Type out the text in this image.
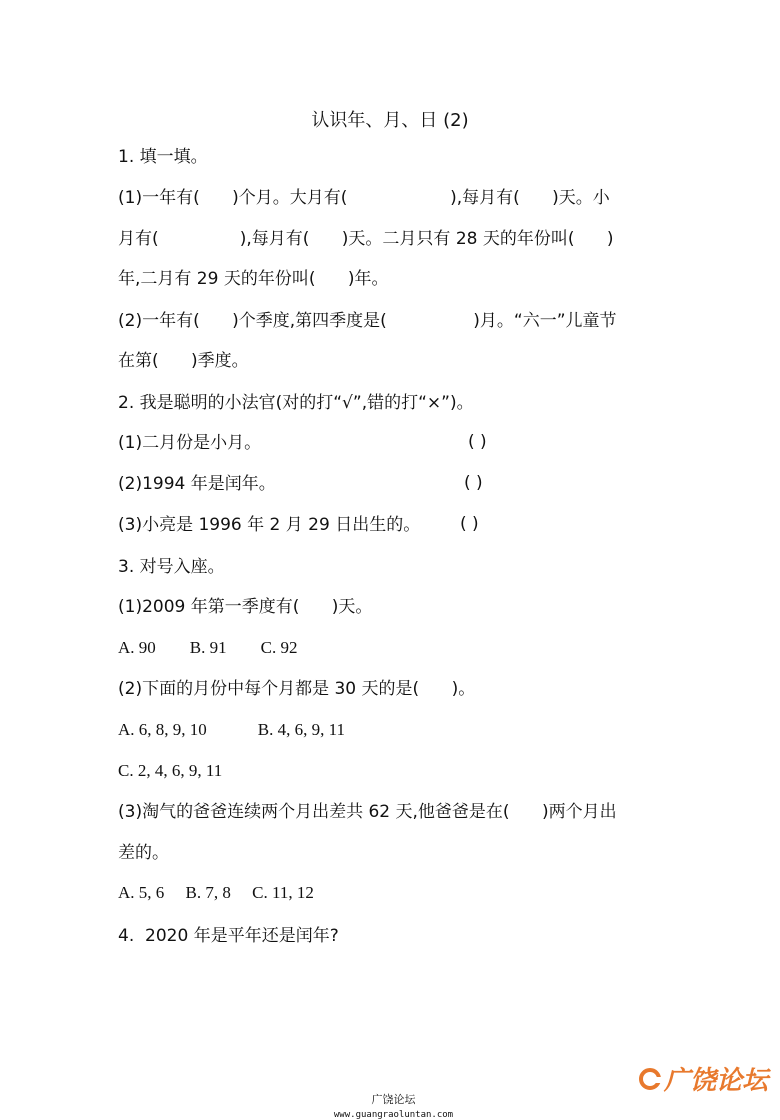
认识年、月、日 (2)
1. 填一填。
(1)一年有(      )个月。大月有(                   ),每月有(      )天。小
月有(               ),每月有(      )天。二月只有 28 天的年份叫(      )
年,二月有 29 天的年份叫(      )年。
(2)一年有(      )个季度,第四季度是(                )月。“六一”儿童节
在第(      )季度。
2. 我是聪明的小法官(对的打“√”,错的打“×”)。
(1)二月份是小月。	( )
(2)1994 年是闰年。	( )
(3)小亮是 1996 年 2 月 29 日出生的。 ( )
3. 对号入座。
(1)2009 年第一季度有(      )天。
A. 90        B. 91        C. 92
(2)下面的月份中每个月都是 30 天的是(      )。
A. 6, 8, 9, 10            B. 4, 6, 9, 11
C. 2, 4, 6, 9, 11
(3)淘气的爸爸连续两个月出差共 62 天,他爸爸是在(      )两个月出
差的。
A. 5, 6     B. 7, 8     C. 11, 12
4.  2020 年是平年还是闰年?

广饶论坛
www.guangraoluntan.com

广饶论坛
